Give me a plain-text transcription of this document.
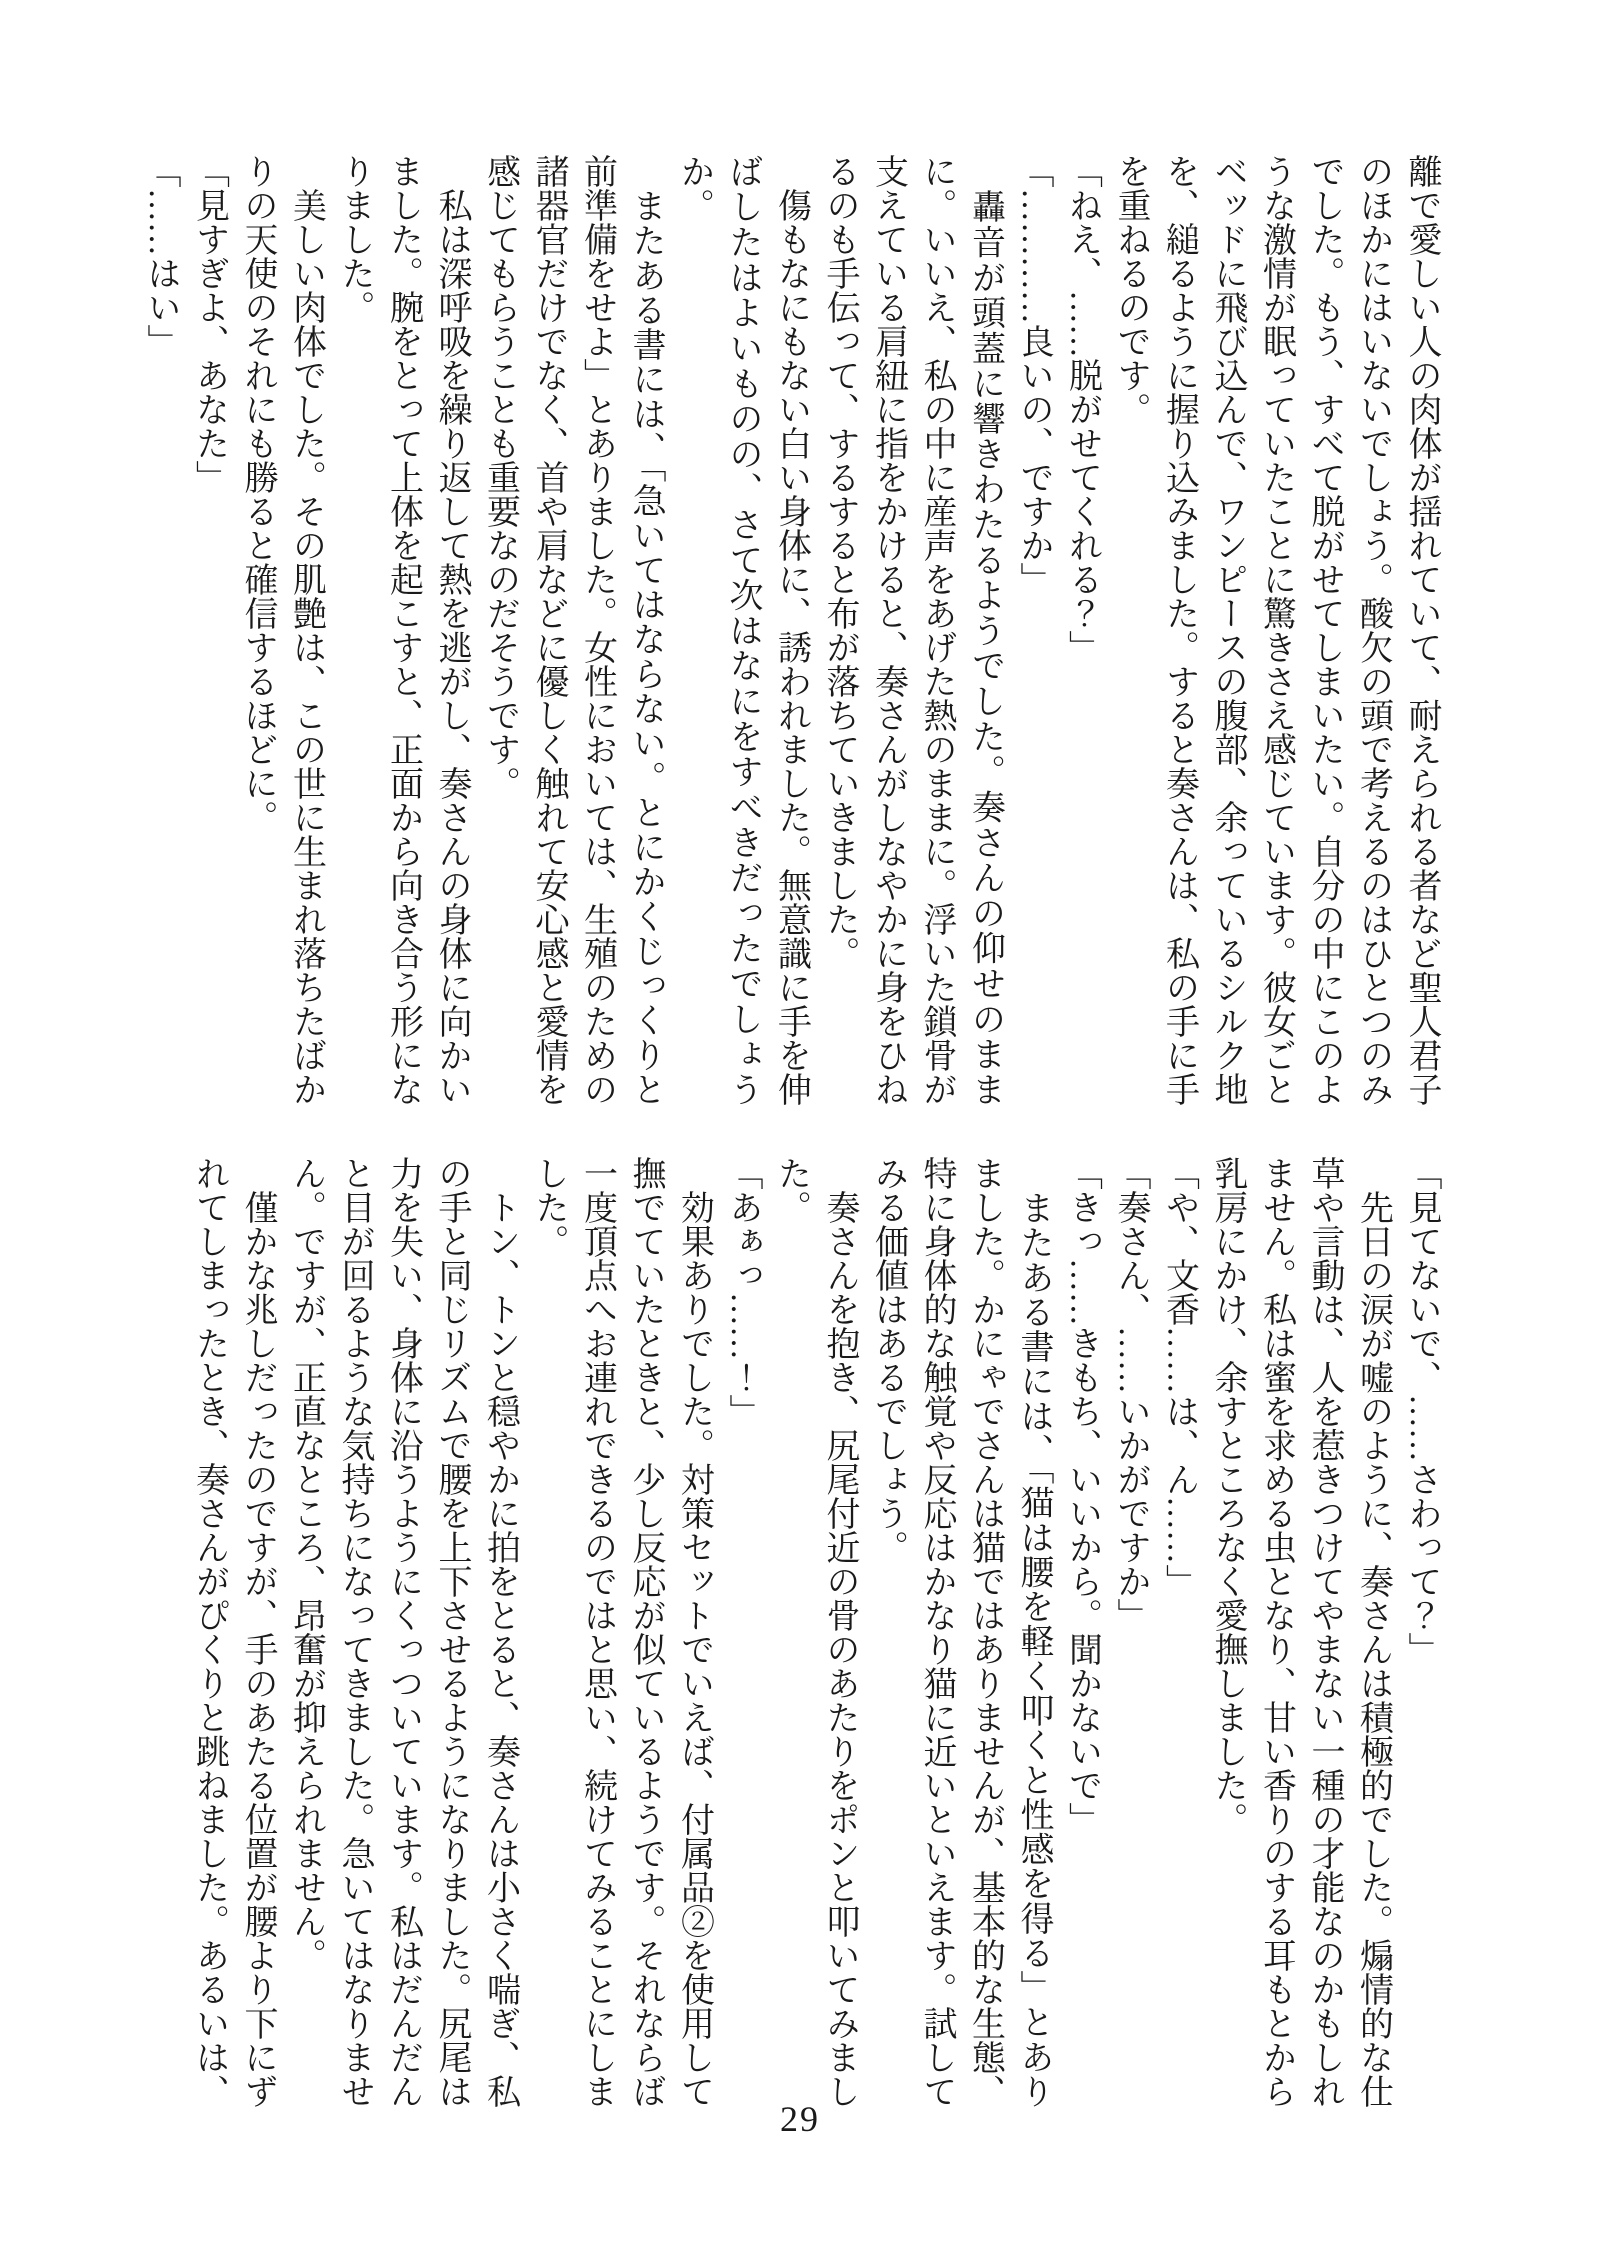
離で愛しい人の肉体が揺れていて、耐えられる者など聖人君子のほかにはいないでしょう。酸欠の頭で考えるのはひとつのみでした。もう、すべて脱がせてしまいたい。自分の中にこのような激情が眠っていたことに驚きさえ感じています。彼女ごとベッドに飛び込んで、ワンピースの腹部、余っているシルク地を、縋るように握り込みました。すると奏さんは、私の手に手を重ねるのです。

「ねえ、……脱がせてくれる？」

「…………良いの、ですか」

　轟音が頭蓋に響きわたるようでした。奏さんの仰せのままに。いいえ、私の中に産声をあげた熱のままに。浮いた鎖骨が支えている肩紐に指をかけると、奏さんがしなやかに身をひねるのも手伝って、するすると布が落ちていきました。

　傷もなにもない白い身体に、誘われました。無意識に手を伸ばしたはよいものの、さて次はなにをすべきだったでしょうか。

　またある書には、「急いてはならない。とにかくじっくりと前準備をせよ」とありました。女性においては、生殖のための諸器官だけでなく、首や肩などに優しく触れて安心感と愛情を感じてもらうことも重要なのだそうです。

　私は深呼吸を繰り返して熱を逃がし、奏さんの身体に向かいました。腕をとって上体を起こすと、正面から向き合う形になりました。

　美しい肉体でした。その肌艶は、この世に生まれ落ちたばかりの天使のそれにも勝ると確信するほどに。

「見すぎよ、あなた」

「……はい」

「見てないで、……さわって？」

　先日の涙が嘘のように、奏さんは積極的でした。煽情的な仕草や言動は、人を惹きつけてやまない一種の才能なのかもしれません。私は蜜を求める虫となり、甘い香りのする耳もとから乳房にかけ、余すところなく愛撫しました。

「や、文香……は、ん……」

「奏さん、……いかがですか」

「きっ……きもち、いいから。聞かないで」

　またある書には、「猫は腰を軽く叩くと性感を得る」とありました。かにゃでさんは猫ではありませんが、基本的な生態、特に身体的な触覚や反応はかなり猫に近いといえます。試してみる価値はあるでしょう。

　奏さんを抱き、尻尾付近の骨のあたりをポンと叩いてみました。

「あぁっ……！」

　効果ありでした。対策セットでいえば、付属品②を使用して撫でていたときと、少し反応が似ているようです。それならば一度頂点へお連れできるのではと思い、続けてみることにしました。

　トン、トンと穏やかに拍をとると、奏さんは小さく喘ぎ、私の手と同じリズムで腰を上下させるようになりました。尻尾は力を失い、身体に沿うようにくっついています。私はだんだんと目が回るような気持ちになってきました。急いてはなりません。ですが、正直なところ、昂奮が抑えられません。

　僅かな兆しだったのですが、手のあたる位置が腰より下にずれてしまったとき、奏さんがぴくりと跳ねました。あるいは、

29
